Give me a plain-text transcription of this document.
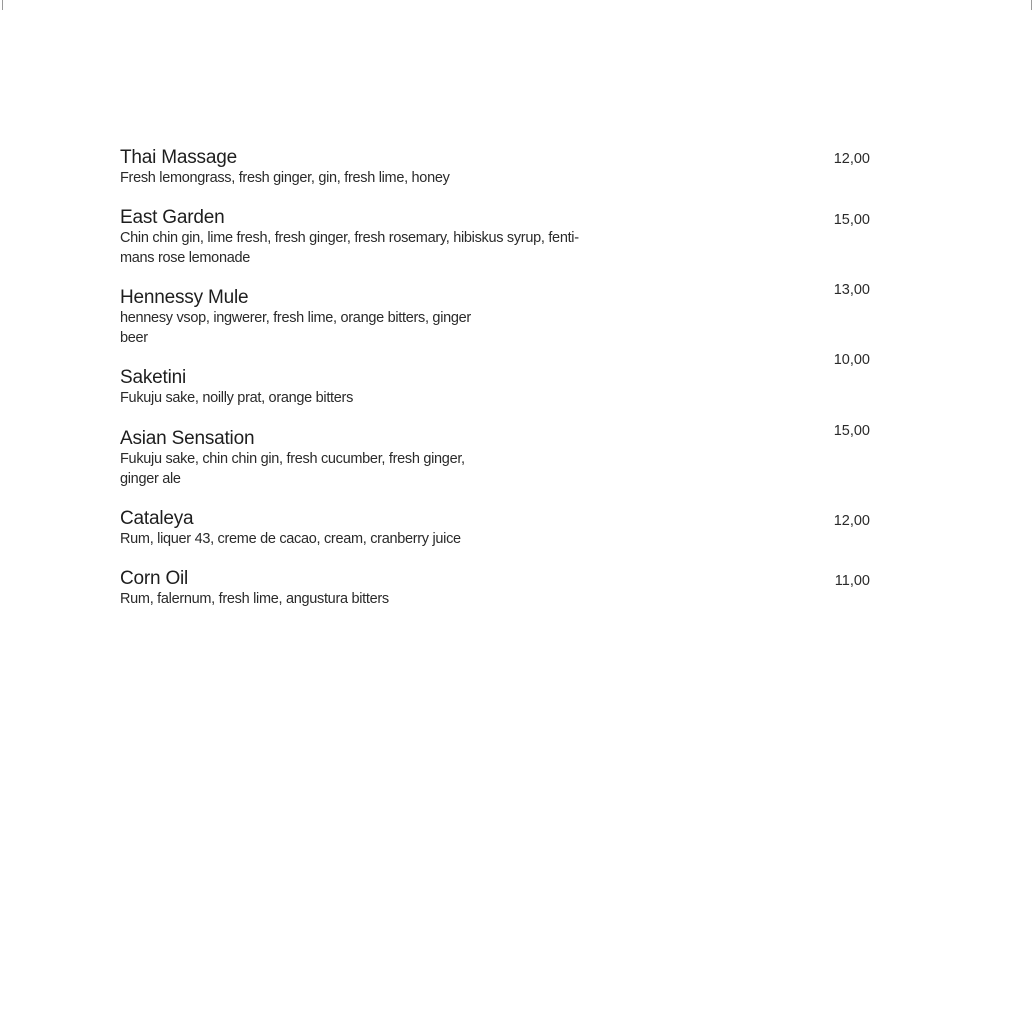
Thai Massage
Fresh lemongrass, fresh ginger, gin, fresh lime, honey
12,00
East Garden
Chin chin gin, lime fresh, fresh ginger, fresh rosemary, hibiskus syrup, fenti-
mans rose lemonade
15,00
Hennessy Mule
hennesy vsop, ingwerer, fresh lime, orange bitters, ginger
beer
13,00
Saketini
Fukuju sake, noilly prat, orange bitters
10,00
Asian Sensation
Fukuju sake, chin chin gin, fresh cucumber, fresh ginger,
ginger ale
15,00
Cataleya
Rum, liquer 43, creme de cacao, cream, cranberry juice
12,00
Corn Oil
Rum, falernum, fresh lime, angustura bitters
11,00
